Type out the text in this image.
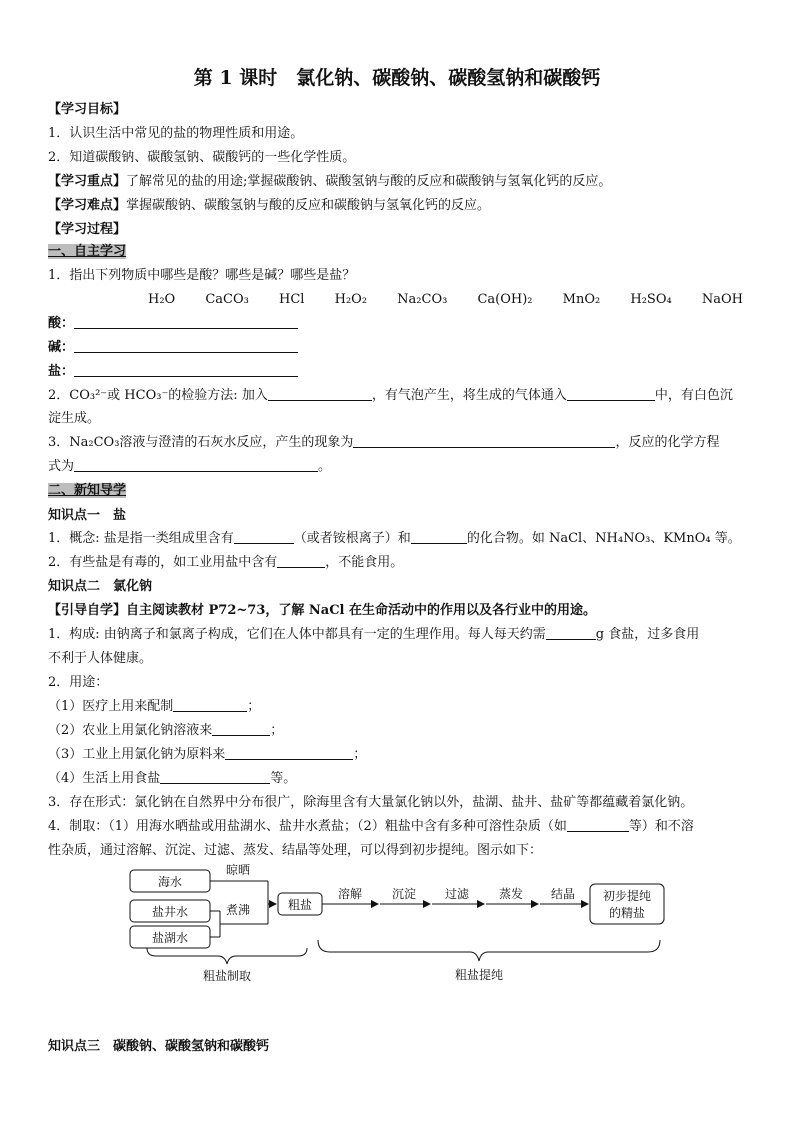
第 1 课时　氯化钠、碳酸钠、碳酸氢钠和碳酸钙
【学习目标】
1．认识生活中常见的盐的物理性质和用途。
2．知道碳酸钠、碳酸氢钠、碳酸钙的一些化学性质。
【学习重点】了解常见的盐的用途;掌握碳酸钠、碳酸氢钠与酸的反应和碳酸钠与氢氧化钙的反应。
【学习难点】掌握碳酸钠、碳酸氢钠与酸的反应和碳酸钠与氢氧化钙的反应。
【学习过程】
一、自主学习
1．指出下列物质中哪些是酸？哪些是碱？哪些是盐？
H₂O CaCO₃ HCl H₂O₂ Na₂CO₃ Ca(OH)₂ MnO₂ H₂SO₄ NaOH
酸：
碱：
盐：
2．CO₃²⁻或 HCO₃⁻的检验方法: 加入	，有气泡产生，将生成的气体通入	中，有白色沉
淀生成。
3．Na₂CO₃溶液与澄清的石灰水反应，产生的现象为	，反应的化学方程
式为	。
二、新知导学
知识点一　盐
1．概念: 盐是指一类组成里含有	（或者铵根离子）和	的化合物。如 NaCl、NH₄NO₃、KMnO₄ 等。
2．有些盐是有毒的，如工业用盐中含有	，不能食用。
知识点二　氯化钠
【引导自学】自主阅读教材 P72~73，了解 NaCl 在生命活动中的作用以及各行业中的用途。
1．构成: 由钠离子和氯离子构成，它们在人体中都具有一定的生理作用。每人每天约需	g 食盐，过多食用
不利于人体健康。
2．用途：
（1）医疗上用来配制	；
（2）农业上用氯化钠溶液来	；
（3）工业上用氯化钠为原料来	；
（4）生活上用食盐	等。
3．存在形式：氯化钠在自然界中分布很广，除海里含有大量氯化钠以外，盐湖、盐井、盐矿等都蕴藏着氯化钠。
4．制取：（1）用海水晒盐或用盐湖水、盐井水煮盐；（2）粗盐中含有多种可溶性杂质（如	等）和不溶
性杂质，通过溶解、沉淀、过滤、蒸发、结晶等处理，可以得到初步提纯。图示如下：
海水
盐井水
盐湖水
晾晒
煮沸	粗盐
溶解 沉淀 过滤 蒸发 结晶 初步提纯
的精盐
粗盐制取	粗盐提纯
知识点三　碳酸钠、碳酸氢钠和碳酸钙
